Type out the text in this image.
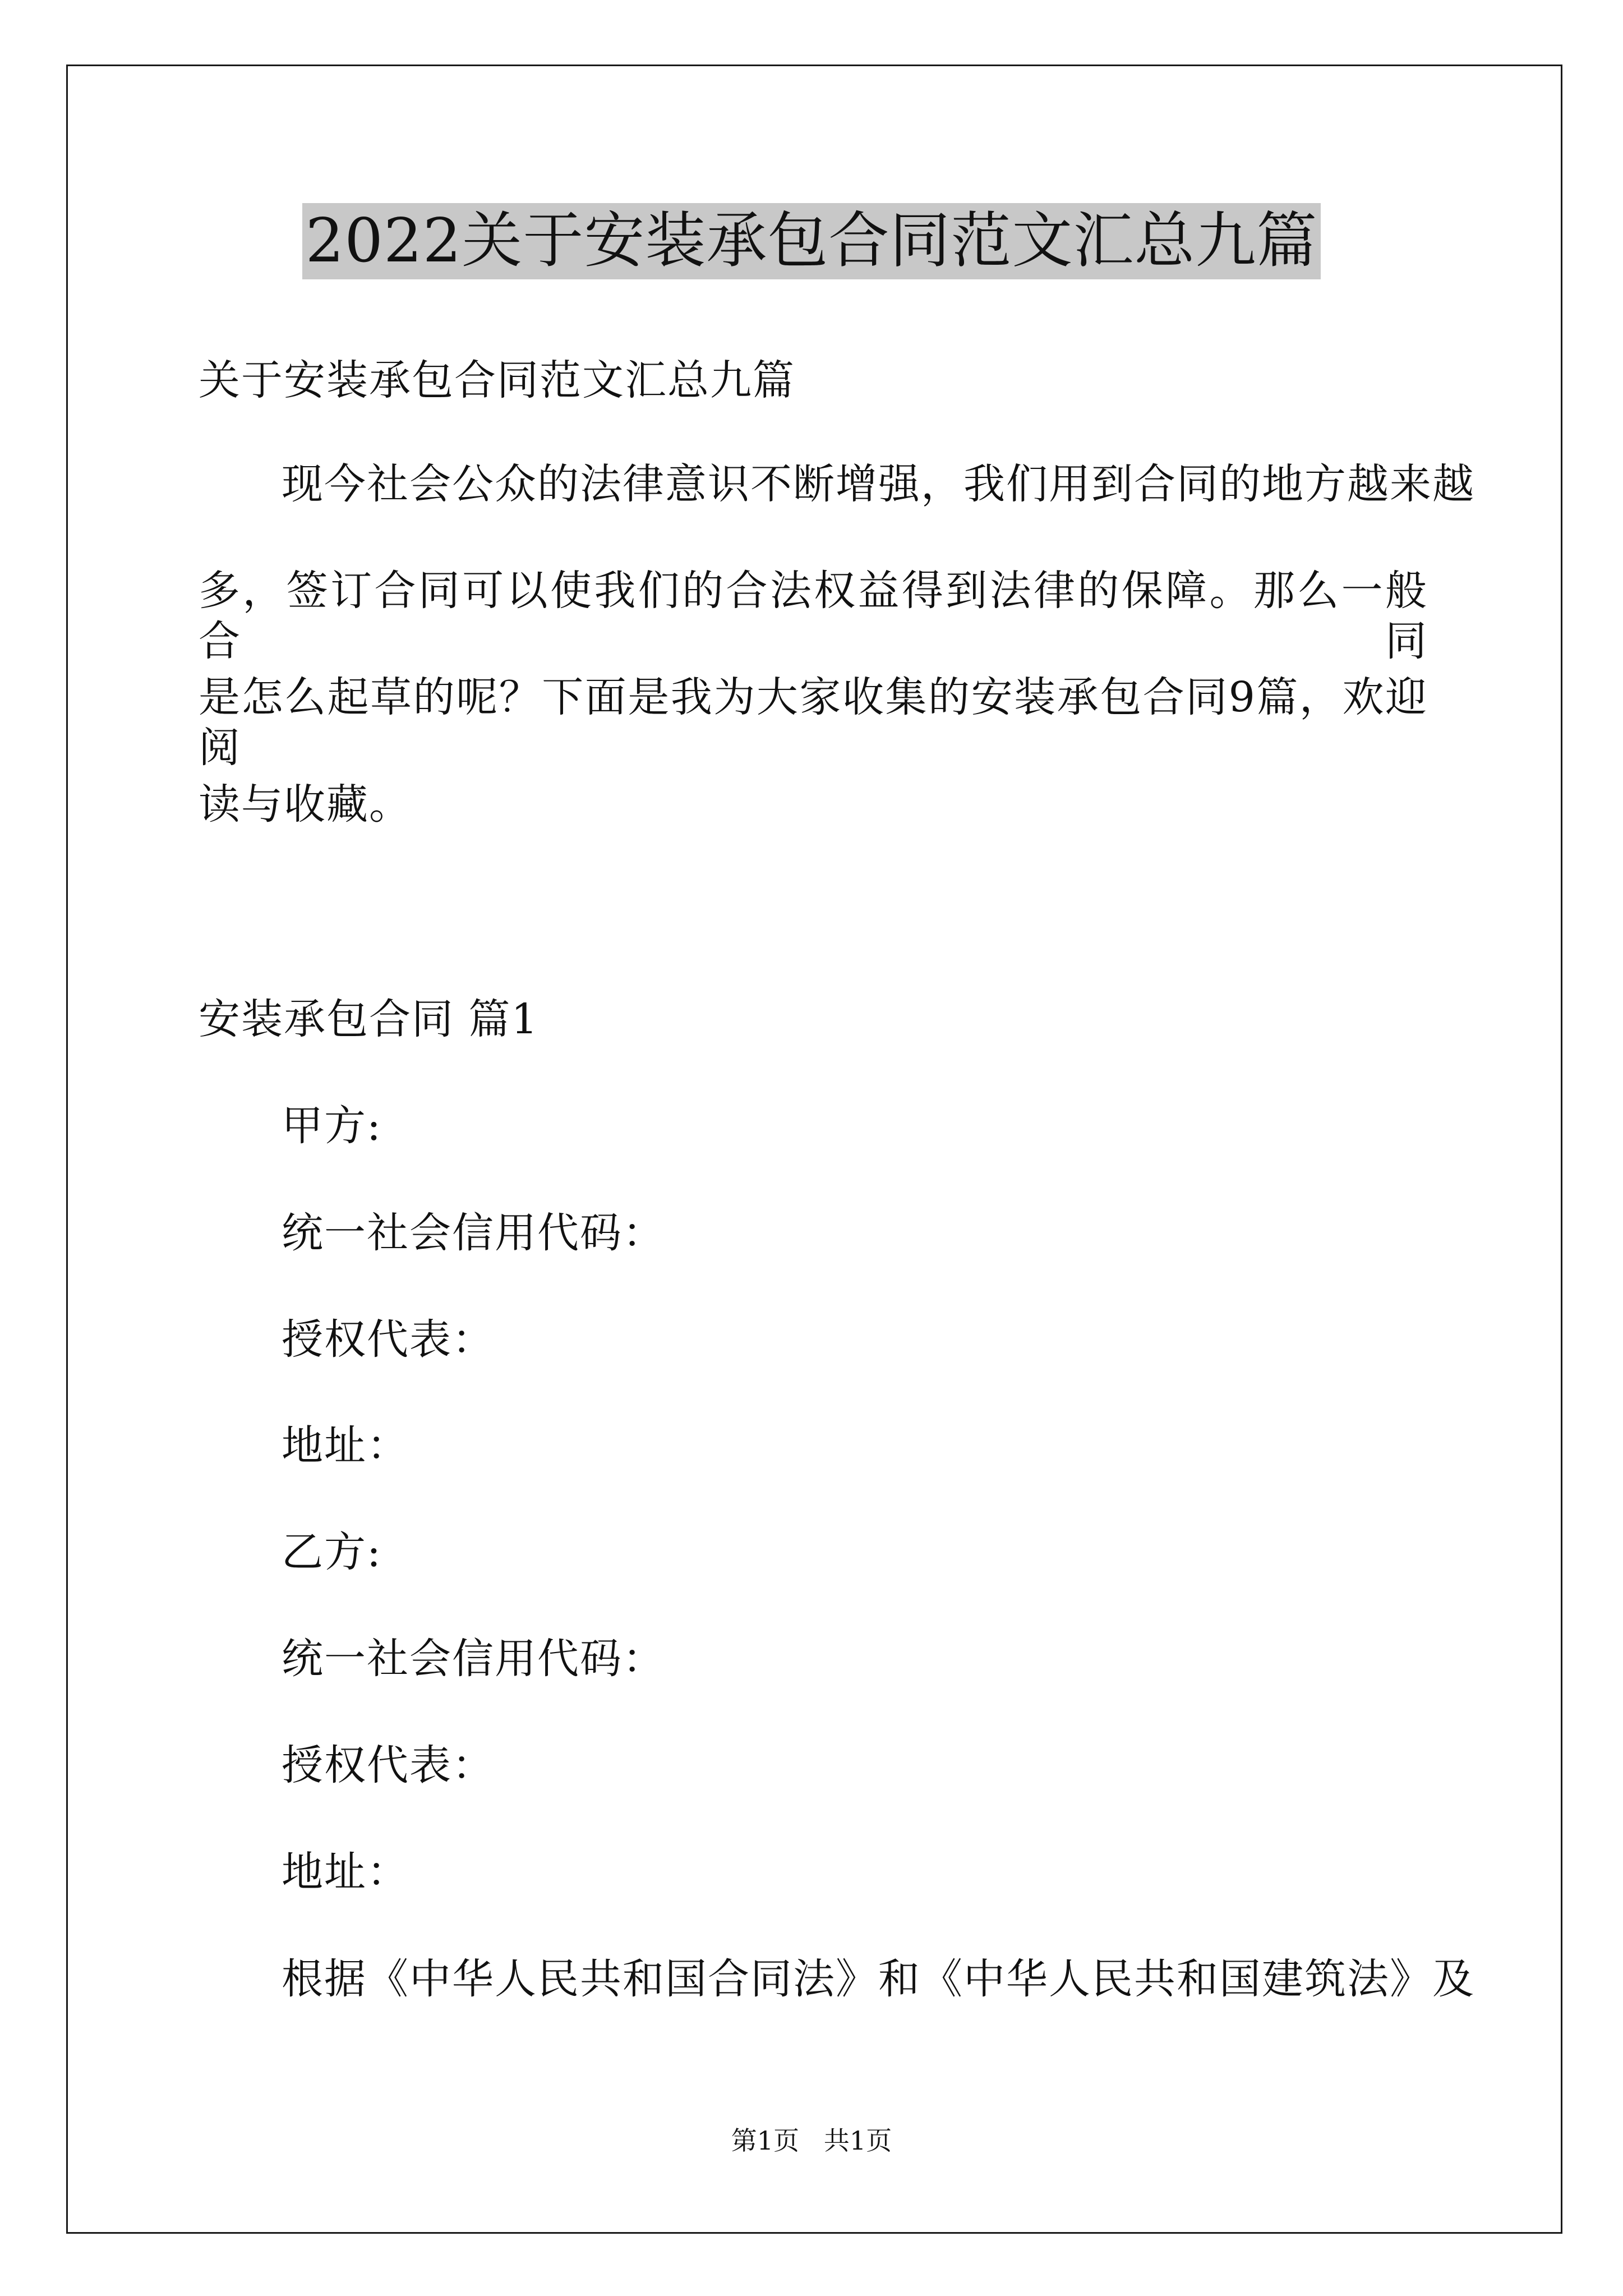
2022关于安装承包合同范文汇总九篇
关于安装承包合同范文汇总九篇
现今社会公众的法律意识不断增强，我们用到合同的地方越来越
多，签订合同可以使我们的合法权益得到法律的保障。那么一般合同
是怎么起草的呢？下面是我为大家收集的安装承包合同9篇，欢迎阅
读与收藏。
安装承包合同 篇1
甲方:
统一社会信用代码：
授权代表：
地址：
乙方:
统一社会信用代码：
授权代表：
地址：
根据《中华人民共和国合同法》和《中华人民共和国建筑法》及
第1页   共1页
